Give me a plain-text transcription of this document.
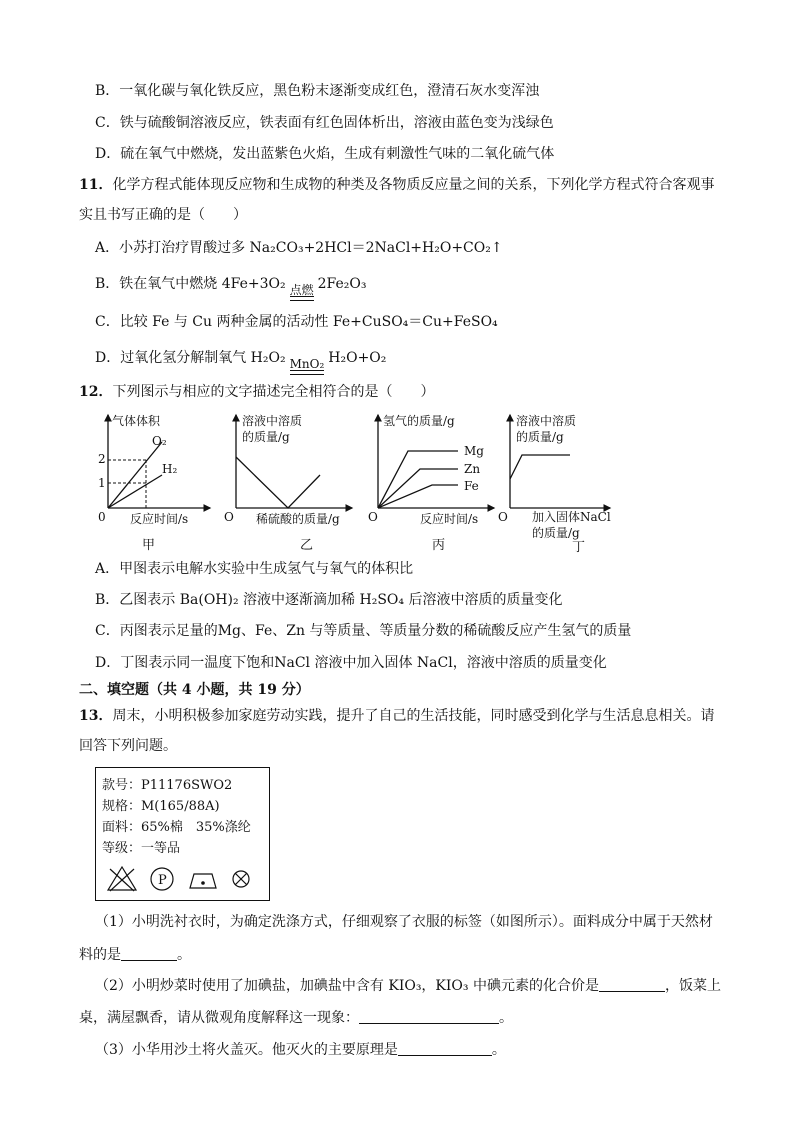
B．一氧化碳与氧化铁反应，黑色粉末逐渐变成红色，澄清石灰水变浑浊
C．铁与硫酸铜溶液反应，铁表面有红色固体析出，溶液由蓝色变为浅绿色
D．硫在氧气中燃烧，发出蓝紫色火焰，生成有刺激性气味的二氧化硫气体
11．化学方程式能体现反应物和生成物的种类及各物质反应量之间的关系，下列化学方程式符合客观事
实且书写正确的是（　　）
A．小苏打治疗胃酸过多 Na₂CO₃+2HCl＝2NaCl+H₂O+CO₂↑
B．铁在氧气中燃烧 4Fe+3O₂ 点燃 2Fe₂O₃
C．比较 Fe 与 Cu 两种金属的活动性 Fe+CuSO₄＝Cu+FeSO₄
D．过氧化氢分解制氧气 H₂O₂ MnO₂ H₂O+O₂
12．下列图示与相应的文字描述完全相符合的是（　　）
气体体积
2
1
0
O₂
H₂
反应时间/s
甲
溶液中溶质
的质量/g
O 稀硫酸的质量/g
乙
氢气的质量/g
Mg
Zn
Fe
O	反应时间/s
丙
溶液中溶质
的质量/g
O 加入固体NaCl
的质量/g
丁
A．甲图表示电解水实验中生成氢气与氧气的体积比
B．乙图表示 Ba(OH)₂ 溶液中逐渐滴加稀 H₂SO₄ 后溶液中溶质的质量变化
C．丙图表示足量的Mg、Fe、Zn 与等质量、等质量分数的稀硫酸反应产生氢气的质量
D．丁图表示同一温度下饱和NaCl 溶液中加入固体 NaCl，溶液中溶质的质量变化
二、填空题（共 4 小题，共 19 分）
13．周末，小明积极参加家庭劳动实践，提升了自己的生活技能，同时感受到化学与生活息息相关。请
回答下列问题。
款号：P11176SWO2
规格：M(165/88A)
面料：65%棉　35%涤纶
等级：一等品
P
（1）小明洗衬衣时，为确定洗涤方式，仔细观察了衣服的标签（如图所示）。面料成分中属于天然材
料的是	。
（2）小明炒菜时使用了加碘盐，加碘盐中含有 KIO₃，KIO₃ 中碘元素的化合价是	，饭菜上
桌，满屋飘香，请从微观角度解释这一现象：	。
（3）小华用沙土将火盖灭。他灭火的主要原理是	。
